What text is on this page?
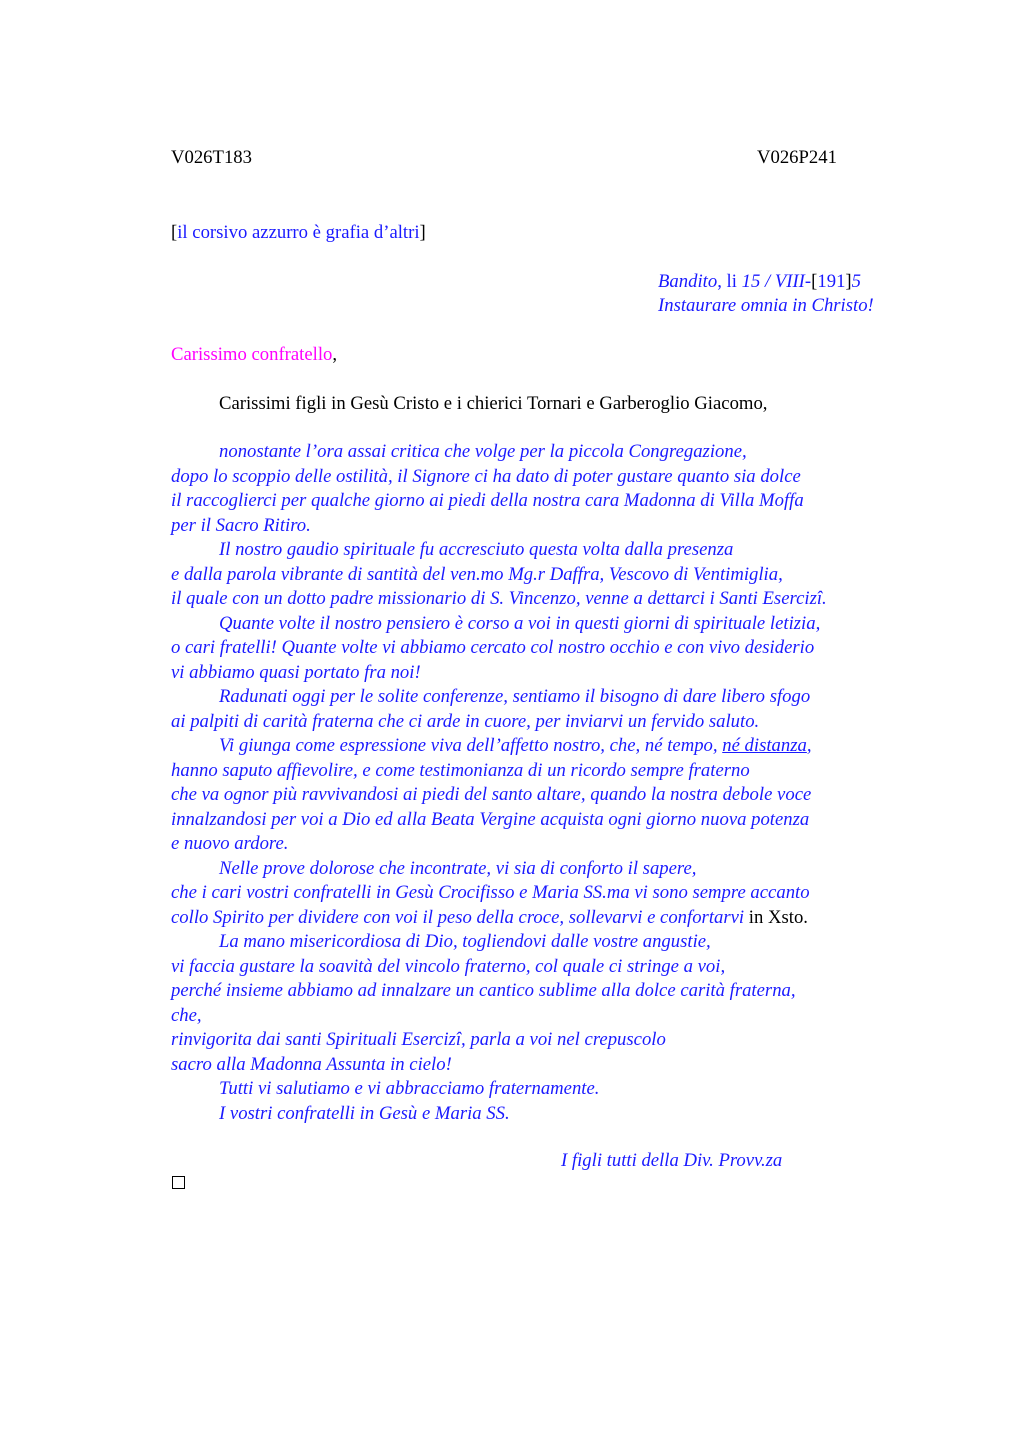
V026T183	V026P241
[il corsivo azzurro è grafia d’altri]
Bandito, li 15 / VIII-[191]5
Instaurare omnia in Christo!
Carissimo confratello,
Carissimi figli in Gesù Cristo e i chierici Tornari e Garberoglio Giacomo,
nonostante l’ora assai critica che volge per la piccola Congregazione,
dopo lo scoppio delle ostilità, il Signore ci ha dato di poter gustare quanto sia dolce
il raccoglierci per qualche giorno ai piedi della nostra cara Madonna di Villa Moffa
per il Sacro Ritiro.
Il nostro gaudio spirituale fu accresciuto questa volta dalla presenza
e dalla parola vibrante di santità del ven.mo Mg.r Daffra, Vescovo di Ventimiglia,
il quale con un dotto padre missionario di S. Vincenzo, venne a dettarci i Santi Esercizî.
Quante volte il nostro pensiero è corso a voi in questi giorni di spirituale letizia,
o cari fratelli! Quante volte vi abbiamo cercato col nostro occhio e con vivo desiderio
vi abbiamo quasi portato fra noi!
Radunati oggi per le solite conferenze, sentiamo il bisogno di dare libero sfogo
ai palpiti di carità fraterna che ci arde in cuore, per inviarvi un fervido saluto.
Vi giunga come espressione viva dell’affetto nostro, che, né tempo, né distanza,
hanno saputo affievolire, e come testimonianza di un ricordo sempre fraterno
che va ognor più ravvivandosi ai piedi del santo altare, quando la nostra debole voce
innalzandosi per voi a Dio ed alla Beata Vergine acquista ogni giorno nuova potenza
e nuovo ardore.
Nelle prove dolorose che incontrate, vi sia di conforto il sapere,
che i cari vostri confratelli in Gesù Crocifisso e Maria SS.ma vi sono sempre accanto
collo Spirito per dividere con voi il peso della croce, sollevarvi e confortarvi in Xsto.
La mano misericordiosa di Dio, togliendovi dalle vostre angustie,
vi faccia gustare la soavità del vincolo fraterno, col quale ci stringe a voi,
perché insieme abbiamo ad innalzare un cantico sublime alla dolce carità fraterna,
che,
rinvigorita dai santi Spirituali Esercizî, parla a voi nel crepuscolo
sacro alla Madonna Assunta in cielo!
Tutti vi salutiamo e vi abbracciamo fraternamente.
I vostri confratelli in Gesù e Maria SS.
I figli tutti della Div. Provv.za
